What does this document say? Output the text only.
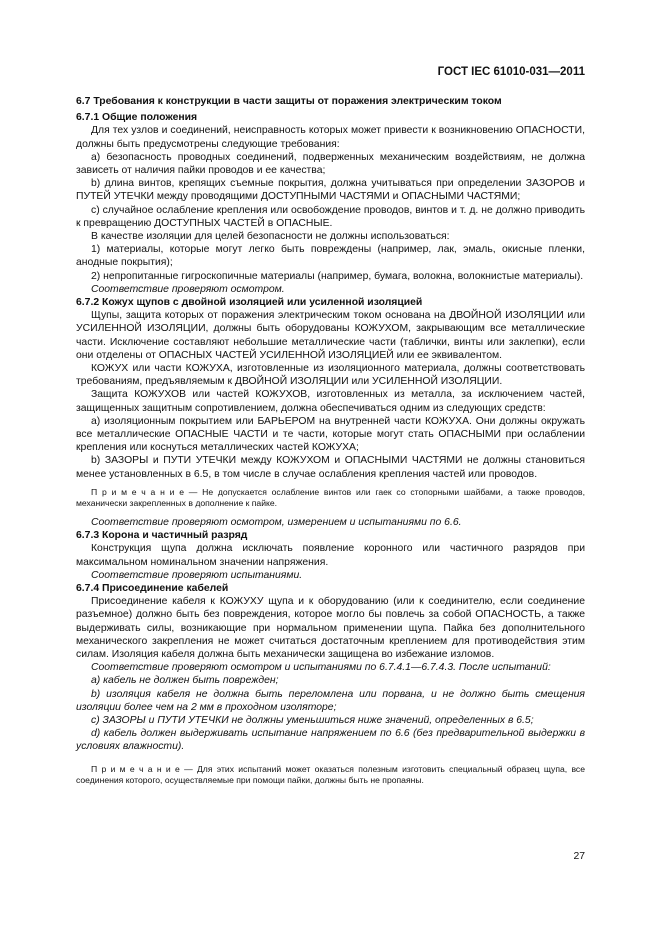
ГОСТ IEC 61010-031—2011

6.7 Требования к конструкции в части защиты от поражения электрическим током

6.7.1 Общие положения

Для тех узлов и соединений, неисправность которых может привести к возникновению ОПАСНОСТИ, должны быть предусмотрены следующие требования:

a) безопасность проводных соединений, подверженных механическим воздействиям, не должна зависеть от наличия пайки проводов и ее качества;

b) длина винтов, крепящих съемные покрытия, должна учитываться при определении ЗАЗОРОВ и ПУТЕЙ УТЕЧКИ между проводящими ДОСТУПНЫМИ ЧАСТЯМИ и ОПАСНЫМИ ЧАСТЯМИ;

c) случайное ослабление крепления или освобождение проводов, винтов и т. д. не должно приводить к превращению ДОСТУПНЫХ ЧАСТЕЙ в ОПАСНЫЕ.

В качестве изоляции для целей безопасности не должны использоваться:

1) материалы, которые могут легко быть повреждены (например, лак, эмаль, окисные пленки, анодные покрытия);

2) непропитанные гигроскопичные материалы (например, бумага, волокна, волокнистые материалы).

Соответствие проверяют осмотром.

6.7.2 Кожух щупов с двойной изоляцией или усиленной изоляцией

Щупы, защита которых от поражения электрическим током основана на ДВОЙНОЙ ИЗОЛЯЦИИ или УСИЛЕННОЙ ИЗОЛЯЦИИ, должны быть оборудованы КОЖУХОМ, закрывающим все металлические части. Исключение составляют небольшие металлические части (таблички, винты или заклепки), если они отделены от ОПАСНЫХ ЧАСТЕЙ УСИЛЕННОЙ ИЗОЛЯЦИЕЙ или ее эквивалентом.

КОЖУХ или части КОЖУХА, изготовленные из изоляционного материала, должны соответствовать требованиям, предъявляемым к ДВОЙНОЙ ИЗОЛЯЦИИ или УСИЛЕННОЙ ИЗОЛЯЦИИ.

Защита КОЖУХОВ или частей КОЖУХОВ, изготовленных из металла, за исключением частей, защищенных защитным сопротивлением, должна обеспечиваться одним из следующих средств:

a) изоляционным покрытием или БАРЬЕРОМ на внутренней части КОЖУХА. Они должны окружать все металлические ОПАСНЫЕ ЧАСТИ и те части, которые могут стать ОПАСНЫМИ при ослаблении крепления или коснуться металлических частей КОЖУХА;

b) ЗАЗОРЫ и ПУТИ УТЕЧКИ между КОЖУХОМ и ОПАСНЫМИ ЧАСТЯМИ не должны становиться менее установленных в 6.5, в том числе в случае ослабления крепления частей или проводов.

П р и м е ч а н и е — Не допускается ослабление винтов или гаек со стопорными шайбами, а также проводов, механически закрепленных в дополнение к пайке.

Соответствие проверяют осмотром, измерением и испытаниями по 6.6.

6.7.3 Корона и частичный разряд

Конструкция щупа должна исключать появление коронного или частичного разрядов при максимальном номинальном значении напряжения.

Соответствие проверяют испытаниями.

6.7.4 Присоединение кабелей

Присоединение кабеля к КОЖУХУ щупа и к оборудованию (или к соединителю, если соединение разъемное) должно быть без повреждения, которое могло бы повлечь за собой ОПАСНОСТЬ, а также выдерживать силы, возникающие при нормальном применении щупа. Пайка без дополнительного механического закрепления не может считаться достаточным креплением для противодействия этим силам. Изоляция кабеля должна быть механически защищена во избежание изломов.

Соответствие проверяют осмотром и испытаниями по 6.7.4.1—6.7.4.3. После испытаний:

a) кабель не должен быть поврежден;

b) изоляция кабеля не должна быть переломлена или порвана, и не должно быть смещения изоляции более чем на 2 мм в проходном изоляторе;

c) ЗАЗОРЫ и ПУТИ УТЕЧКИ не должны уменьшиться ниже значений, определенных в 6.5;

d) кабель должен выдерживать испытание напряжением по 6.6 (без предварительной выдержки в условиях влажности).

П р и м е ч а н и е — Для этих испытаний может оказаться полезным изготовить специальный образец щупа, все соединения которого, осуществляемые при помощи пайки, должны быть не пропаяны.

27
